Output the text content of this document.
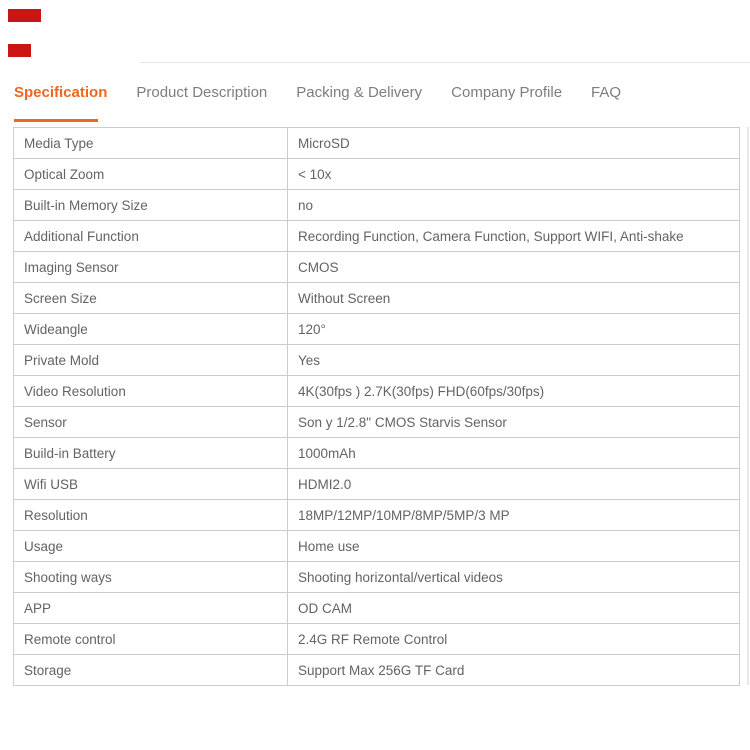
Specification Product Description Packing & Delivery Company Profile FAQ
Media Type	MicroSD
Optical Zoom	< 10x
Built-in Memory Size	no
Additional Function	Recording Function, Camera Function, Support WIFI, Anti-shake
Imaging Sensor	CMOS
Screen Size	Without Screen
Wideangle	120°
Private Mold	Yes
Video Resolution	4K(30fps ) 2.7K(30fps) FHD(60fps/30fps)
Sensor	Son y 1/2.8" CMOS Starvis Sensor
Build-in Battery	1000mAh
Wifi USB	HDMI2.0
Resolution	18MP/12MP/10MP/8MP/5MP/3 MP
Usage	Home use
Shooting ways	Shooting horizontal/vertical videos
APP	OD CAM
Remote control	2.4G RF Remote Control
Storage	Support Max 256G TF Card
